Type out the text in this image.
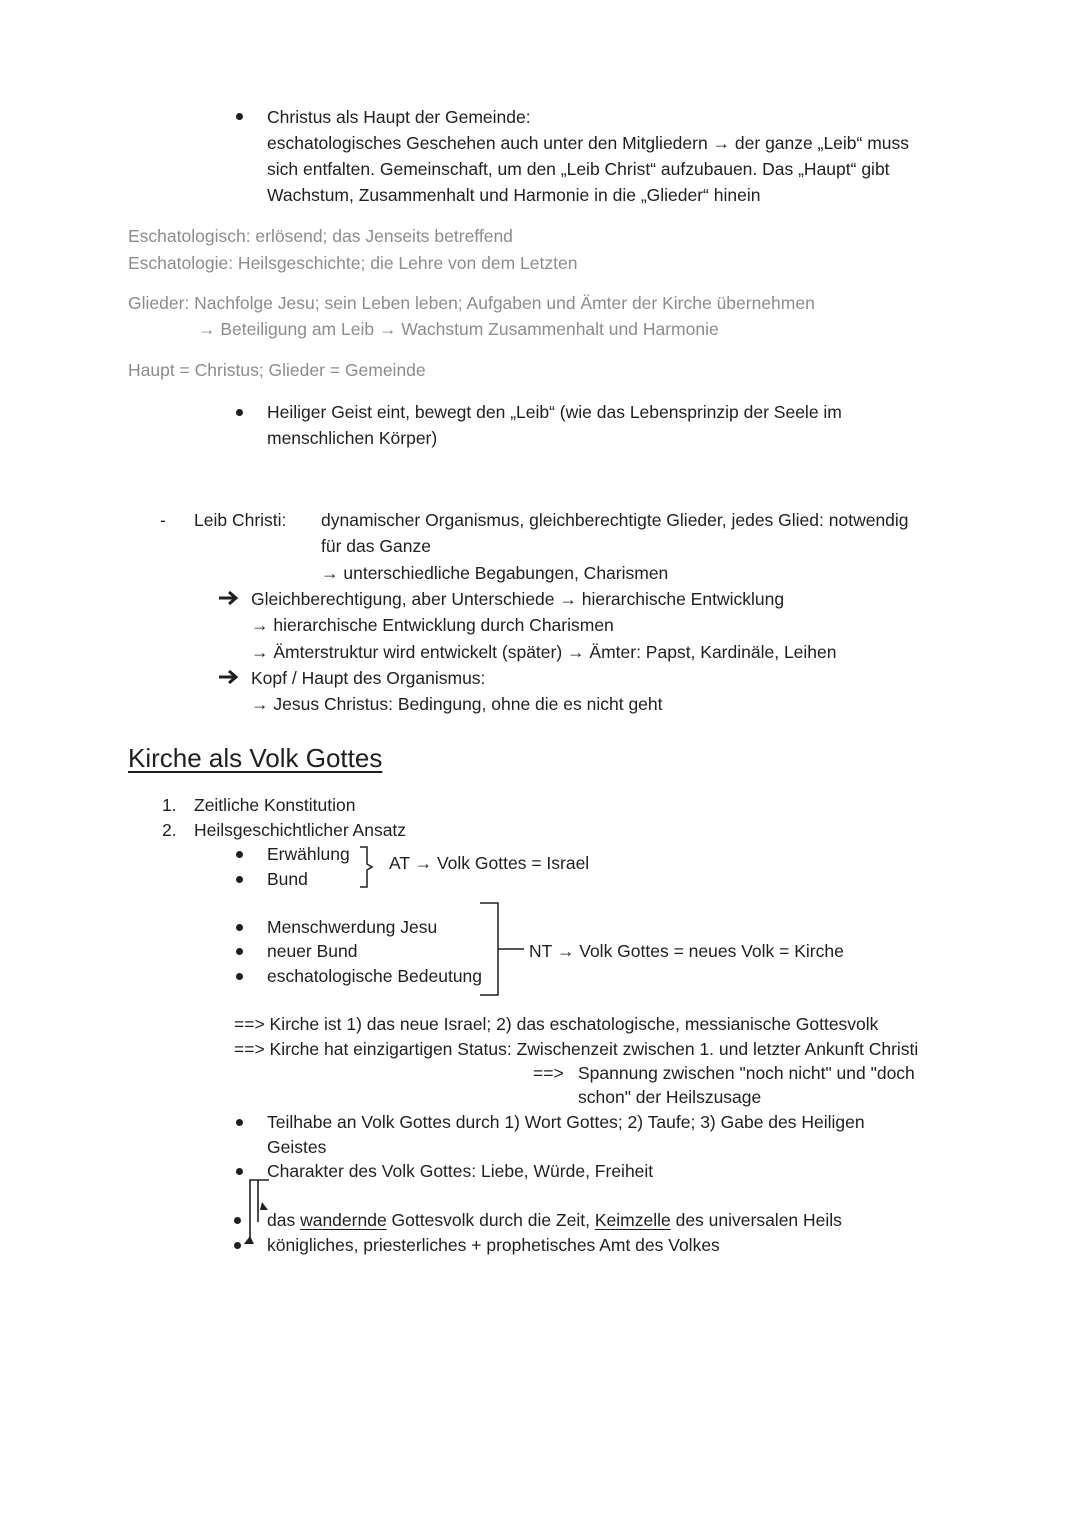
Christus als Haupt der Gemeinde:
eschatologisches Geschehen auch unter den Mitgliedern → der ganze „Leib“ muss
sich entfalten. Gemeinschaft, um den „Leib Christ“ aufzubauen. Das „Haupt“ gibt
Wachstum, Zusammenhalt und Harmonie in die „Glieder“ hinein
Eschatologisch: erlösend; das Jenseits betreffend
Eschatologie: Heilsgeschichte; die Lehre von dem Letzten
Glieder: Nachfolge Jesu; sein Leben leben; Aufgaben und Ämter der Kirche übernehmen
→ Beteiligung am Leib → Wachstum Zusammenhalt und Harmonie
Haupt = Christus; Glieder = Gemeinde
Heiliger Geist eint, bewegt den „Leib“ (wie das Lebensprinzip der Seele im
menschlichen Körper)
- Leib Christi: dynamischer Organismus, gleichberechtigte Glieder, jedes Glied: notwendig
für das Ganze
→ unterschiedliche Begabungen, Charismen
Gleichberechtigung, aber Unterschiede → hierarchische Entwicklung
→ hierarchische Entwicklung durch Charismen
→ Ämterstruktur wird entwickelt (später) → Ämter: Papst, Kardinäle, Leihen
Kopf / Haupt des Organismus:
→ Jesus Christus: Bedingung, ohne die es nicht geht
Kirche als Volk Gottes
1. Zeitliche Konstitution
2. Heilsgeschichtlicher Ansatz
Erwählung
Bund
AT → Volk Gottes = Israel
Menschwerdung Jesu
neuer Bund
eschatologische Bedeutung
NT → Volk Gottes = neues Volk = Kirche
==> Kirche ist 1) das neue Israel; 2) das eschatologische, messianische Gottesvolk
==> Kirche hat einzigartigen Status: Zwischenzeit zwischen 1. und letzter Ankunft Christi
==> Spannung zwischen "noch nicht" und "doch
schon" der Heilszusage
Teilhabe an Volk Gottes durch 1) Wort Gottes; 2) Taufe; 3) Gabe des Heiligen
Geistes
Charakter des Volk Gottes: Liebe, Würde, Freiheit
das wandernde Gottesvolk durch die Zeit, Keimzelle des universalen Heils
königliches, priesterliches + prophetisches Amt des Volkes
